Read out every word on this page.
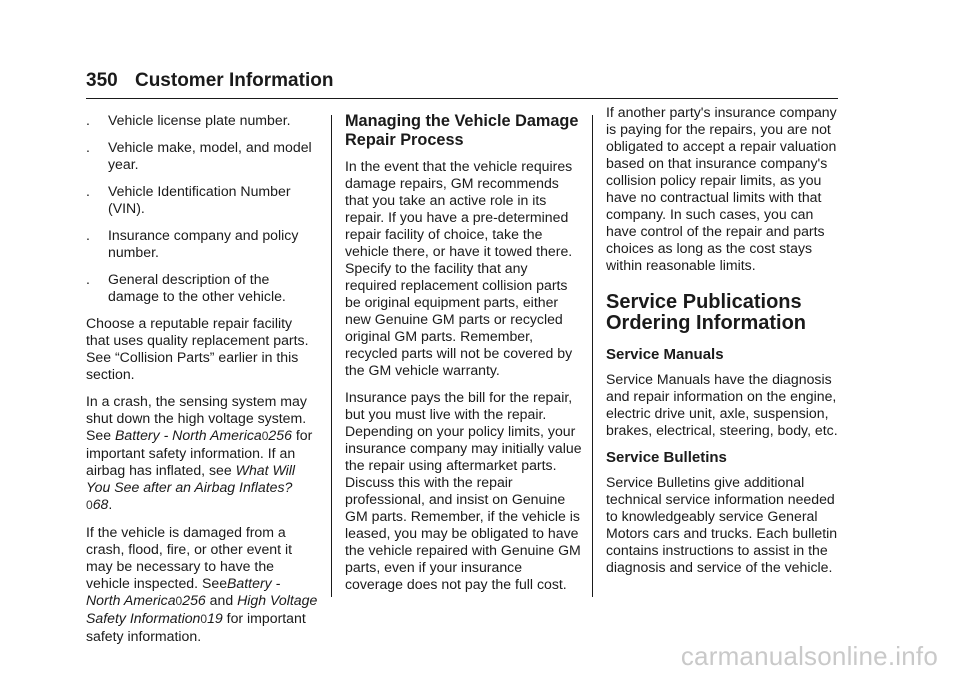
350 Customer Information
. Vehicle license plate number.
. Vehicle make, model, and model year.
. Vehicle Identification Number (VIN).
. Insurance company and policy number.
. General description of the damage to the other vehicle.

Choose a reputable repair facility that uses quality replacement parts. See “Collision Parts” earlier in this section.

In a crash, the sensing system may shut down the high voltage system. See Battery - North America0256 for important safety information. If an airbag has inflated, see What Will You See after an Airbag Inflates?068.

If the vehicle is damaged from a crash, flood, fire, or other event it may be necessary to have the vehicle inspected. SeeBattery - North America0256 and High Voltage Safety Information019 for important safety information.

Managing the Vehicle Damage Repair Process

In the event that the vehicle requires damage repairs, GM recommends that you take an active role in its repair. If you have a pre-determined repair facility of choice, take the vehicle there, or have it towed there. Specify to the facility that any required replacement collision parts be original equipment parts, either new Genuine GM parts or recycled original GM parts. Remember, recycled parts will not be covered by the GM vehicle warranty.

Insurance pays the bill for the repair, but you must live with the repair. Depending on your policy limits, your insurance company may initially value the repair using aftermarket parts. Discuss this with the repair professional, and insist on Genuine GM parts. Remember, if the vehicle is leased, you may be obligated to have the vehicle repaired with Genuine GM parts, even if your insurance coverage does not pay the full cost.

If another party's insurance company is paying for the repairs, you are not obligated to accept a repair valuation based on that insurance company's collision policy repair limits, as you have no contractual limits with that company. In such cases, you can have control of the repair and parts choices as long as the cost stays within reasonable limits.

Service Publications Ordering Information
Service Manuals

Service Manuals have the diagnosis and repair information on the engine, electric drive unit, axle, suspension, brakes, electrical, steering, body, etc.

Service Bulletins

Service Bulletins give additional technical service information needed to knowledgeably service General Motors cars and trucks. Each bulletin contains instructions to assist in the diagnosis and service of the vehicle.

carmanualsonline.info
